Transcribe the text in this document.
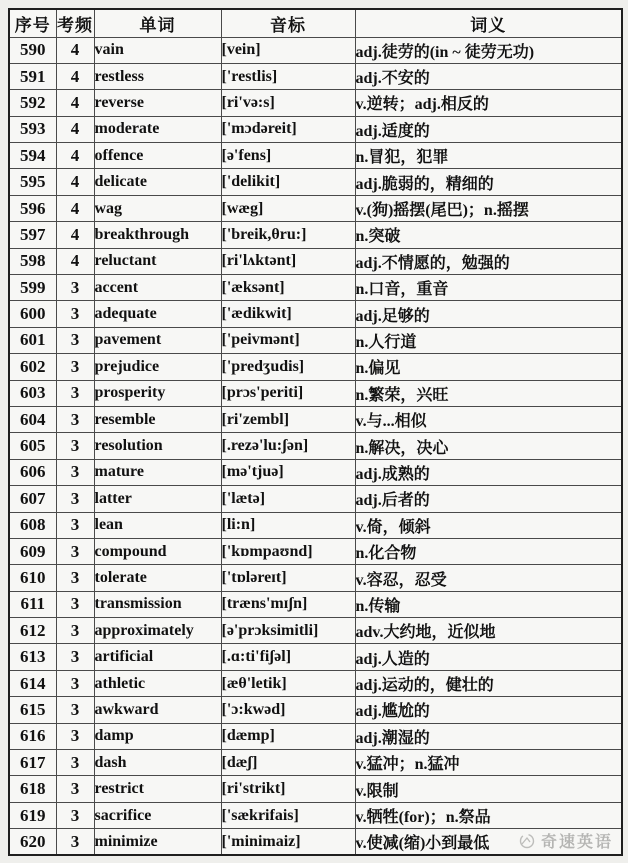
序号	考频	单词	音标	词义
590	4	vain	[vein]	adj.徒劳的(in ~ 徒劳无功)
591	4	restless	['restlis]	adj.不安的
592	4	reverse	[ri'və:s]	v.逆转；adj.相反的
593	4	moderate	['mɔdəreit]	adj.适度的
594	4	offence	[ə'fens]	n.冒犯，犯罪
595	4	delicate	['delikit]	adj.脆弱的，精细的
596	4	wag	[wæg]	v.(狗)摇摆(尾巴)；n.摇摆
597	4	breakthrough	['breik,θru:]	n.突破
598	4	reluctant	[ri'lʌktənt]	adj.不情愿的，勉强的
599	3	accent	['æksənt]	n.口音，重音
600	3	adequate	['ædikwit]	adj.足够的
601	3	pavement	['peivmənt]	n.人行道
602	3	prejudice	['predʒudis]	n.偏见
603	3	prosperity	[prɔs'periti]	n.繁荣，兴旺
604	3	resemble	[ri'zembl]	v.与...相似
605	3	resolution	[.rezə'lu:ʃən]	n.解决，决心
606	3	mature	[mə'tjuə]	adj.成熟的
607	3	latter	['lætə]	adj.后者的
608	3	lean	[li:n]	v.倚，倾斜
609	3	compound	['kɒmpaʊnd]	n.化合物
610	3	tolerate	['tɒləreɪt]	v.容忍，忍受
611	3	transmission	[træns'mɪʃn]	n.传输
612	3	approximately	[ə'prɔksimitli]	adv.大约地，近似地
613	3	artificial	[.ɑ:ti'fiʃəl]	adj.人造的
614	3	athletic	[æθ'letik]	adj.运动的，健壮的
615	3	awkward	['ɔ:kwəd]	adj.尴尬的
616	3	damp	[dæmp]	adj.潮湿的
617	3	dash	[dæʃ]	v.猛冲；n.猛冲
618	3	restrict	[ri'strikt]	v.限制
619	3	sacrifice	['sækrifais]	v.牺牲(for)；n.祭品
620	3	minimize	['minimaiz]	v.使减(缩)小到最低	奇速英语
